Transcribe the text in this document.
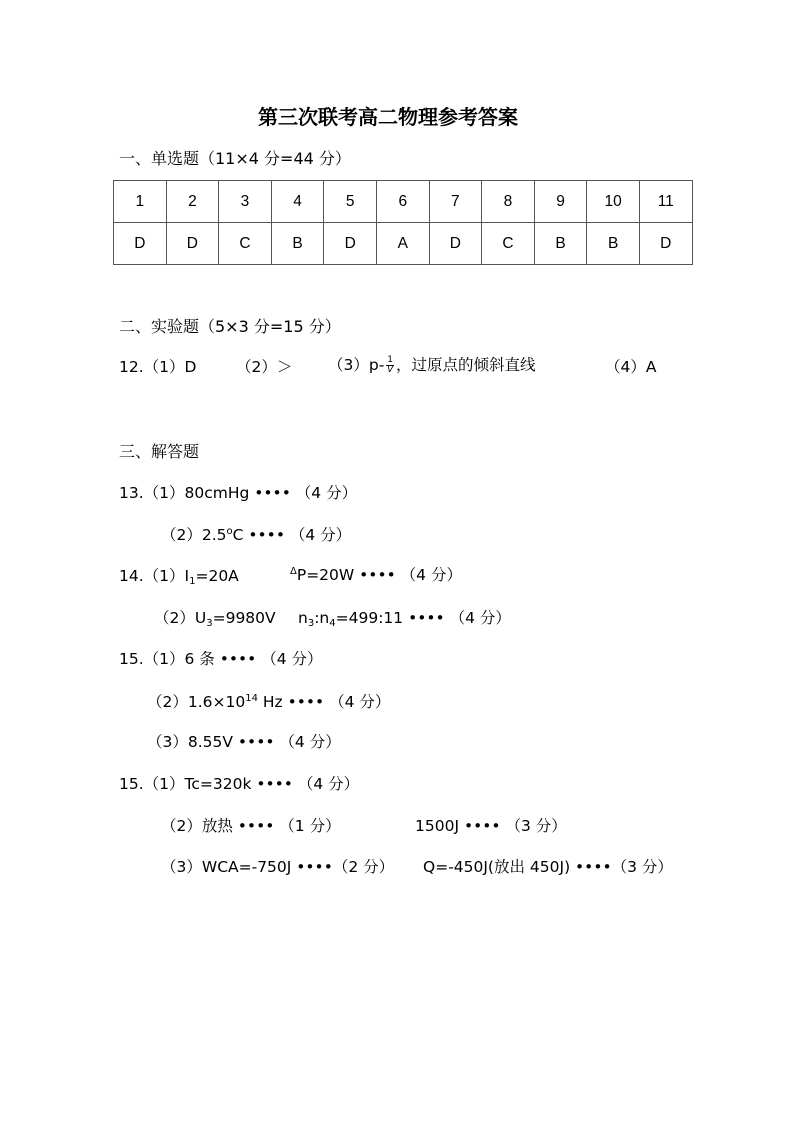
第三次联考高二物理参考答案
一、单选题（11×4 分=44 分）
1	2	3	4	5	6	7	8	9	10	11
D	D	C	B	D	A	D	C	B	B	D
二、实验题（5×3 分=15 分）
12.（1）D	$(2)> (3)p- \frac{1}{V}$ ，过原点的倾斜直线	（4）A
三、解答题
13.（1）80cmHg •••• （4 分）
（2）2.5$^o$C •••• （4 分）
$14.(1)I_1=20A$	$^\Delta$P=20W •••• （4 分）
$(2)U_3=9980V$ $n_3:n_4=499:11$ •••• （4 分）
15.（1）6 条 •••• （4 分）
$(2)1.6\times 10^{14}$ Hz •••• （4 分）
（3）8.55V •••• （4 分）
15.（1）Tc=320k •••• （4 分）
（2）放热 •••• （1 分）	1500J •••• （3 分）
（3）WCA=-750J ••••（2 分） Q=-450J(放出 450J) ••••（3 分）
